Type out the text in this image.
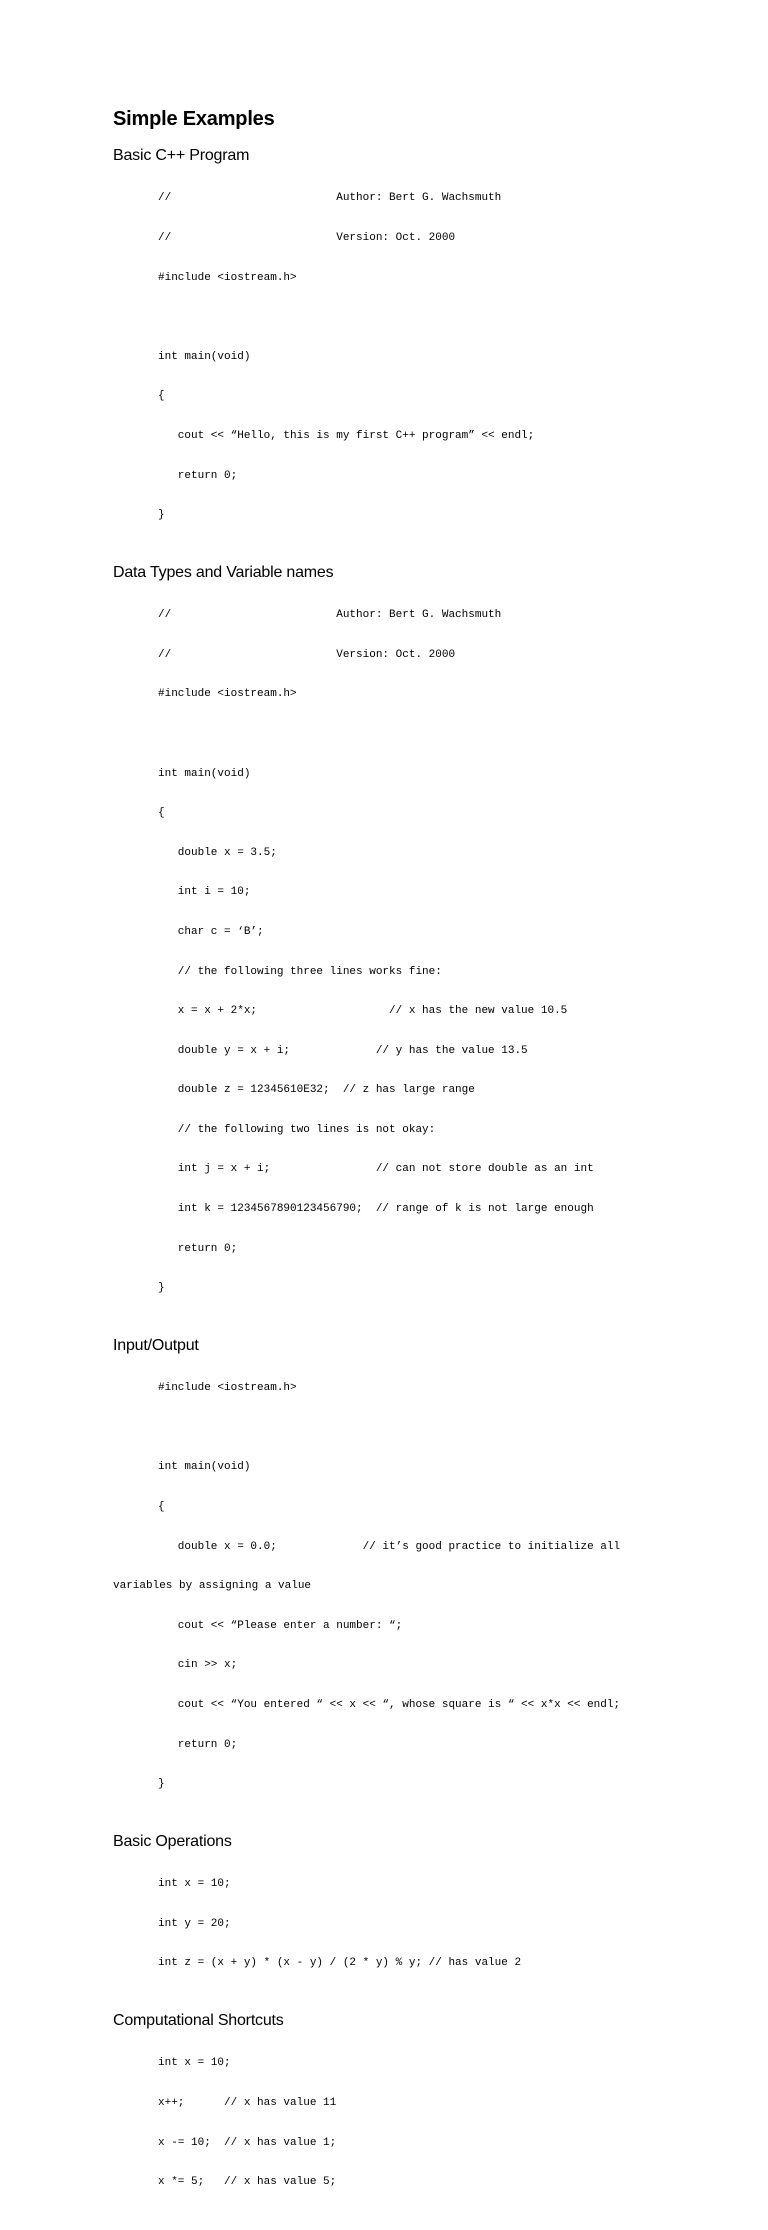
Simple Examples
Basic C++ Program

//                         Author: Bert G. Wachsmuth

//                         Version: Oct. 2000

#include <iostream.h>

int main(void)

{

cout << “Hello, this is my first C++ program” << endl;

return 0;

}

Data Types and Variable names

//                         Author: Bert G. Wachsmuth

//                         Version: Oct. 2000

#include <iostream.h>

int main(void)

{

double x = 3.5;

int i = 10;

char c = ‘B’;

// the following three lines works fine:

x = x + 2*x;                    // x has the new value 10.5

double y = x + i;             // y has the value 13.5

double z = 12345610E32;  // z has large range

// the following two lines is not okay:

int j = x + i;                // can not store double as an int

int k = 1234567890123456790;  // range of k is not large enough

return 0;

}

Input/Output

#include <iostream.h>

int main(void)

{

double x = 0.0;             // it’s good practice to initialize all

variables by assigning a value

cout << “Please enter a number: “;

cin >> x;

cout << “You entered “ << x << “, whose square is “ << x*x << endl;

return 0;

}

Basic Operations

int x = 10;

int y = 20;

int z = (x + y) * (x - y) / (2 * y) % y; // has value 2

Computational Shortcuts

int x = 10;

x++;      // x has value 11

x -= 10;  // x has value 1;

x *= 5;   // x has value 5;
